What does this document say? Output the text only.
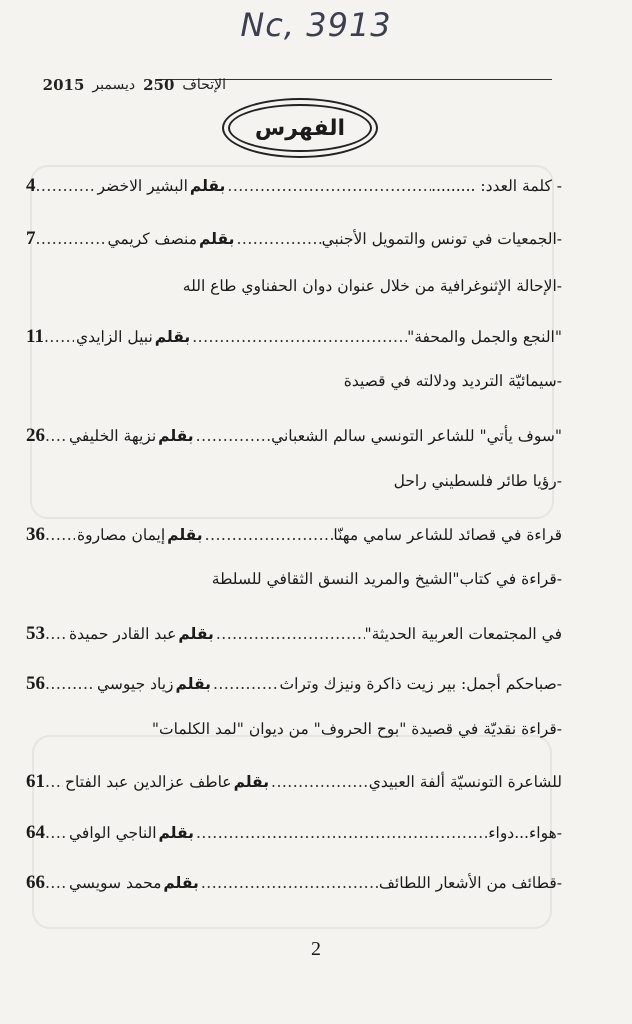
Nc, 3913
الإتحاف
250
ديسمبر
2015
الفهرس
- كلمة العدد: .........
.....
بقلم
البشير الاخضر
.....
4
-الجمعيات في تونس والتمويل الأجنبي
.....
بقلم
منصف كريمي
.....
7
-الإحالة الإثنوغرافية من خلال عنوان دوان الحفناوي طاع الله
"النجع والجمل والمحفة"
.....
بقلم
نبيل الزايدي
.....
11
-سيمائيّة الترديد ودلالته في قصيدة
"سوف يأتي" للشاعر التونسي سالم الشعباني
.....
بقلم
نزيهة الخليفي
.....
26
-رؤيا طائر فلسطيني راحل
قراءة في قصائد للشاعر سامي مهنّا
.....
بقلم
إيمان مصاروة
.....
36
-قراءة في كتاب"الشيخ والمريد النسق الثقافي للسلطة
في المجتمعات العربية الحديثة"
.....
بقلم
عبد القادر حميدة
.....
53
-صباحكم أجمل: بير زيت ذاكرة ونيزك وتراث
.....
بقلم
زياد جيوسي
.....
56
-قراءة نقديّة في قصيدة "بوح الحروف" من ديوان "لمد الكلمات"
للشاعرة التونسيّة ألفة العبيدي
.....
بقلم
عاطف عزالدين عبد الفتاح
.....
61
-هواء...دواء
.....
بقلم
الناجي الوافي
.....
64
-قطائف من الأشعار اللطائف
.....
بقلم
محمد سويسي
.....
66
2
